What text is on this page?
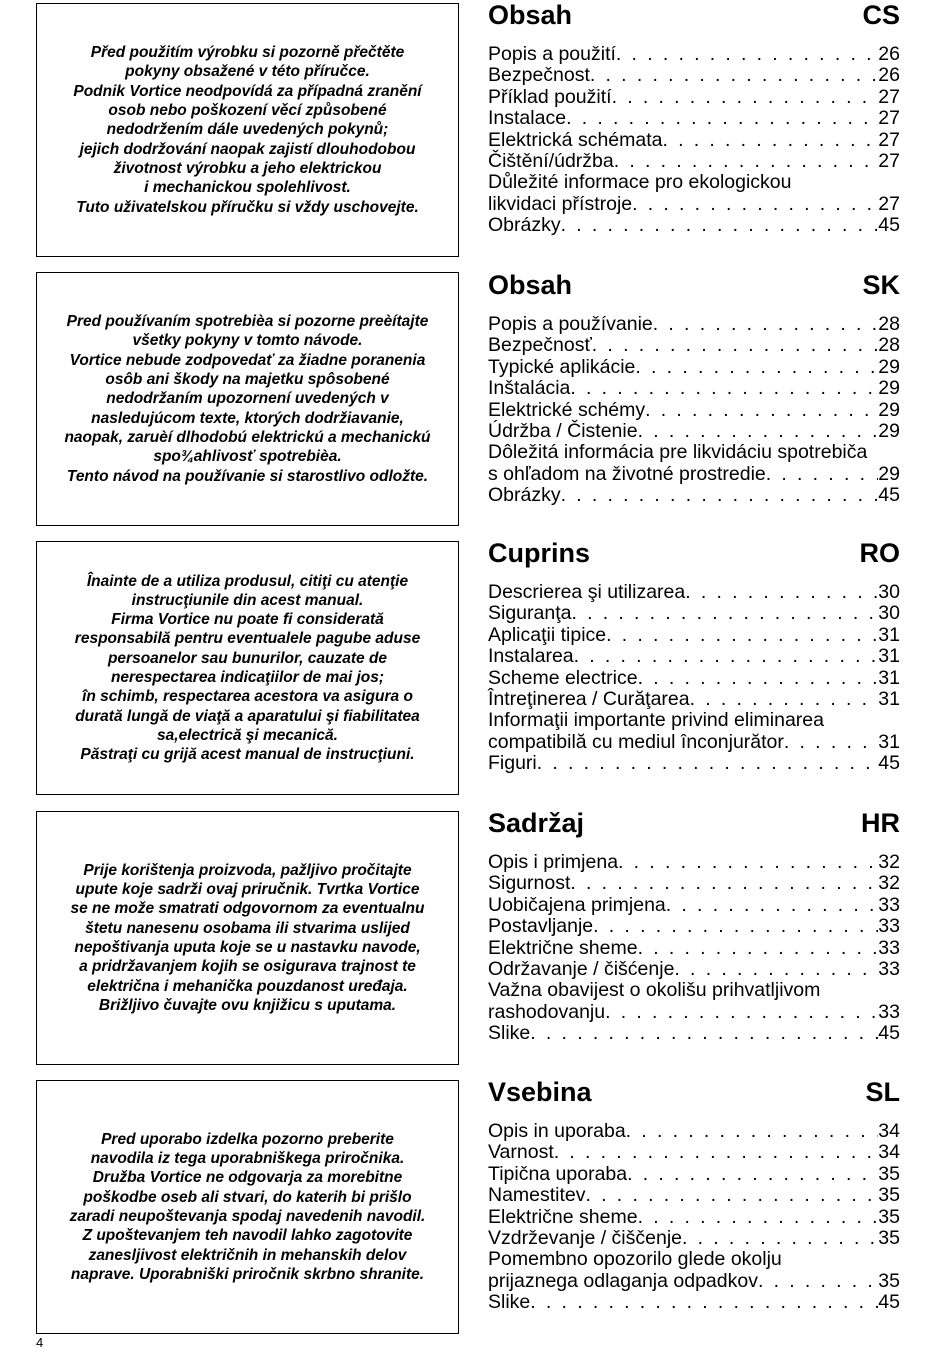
Před použitím výrobku si pozorně přečtěte
pokyny obsažené v této příručce.
Podnik Vortice neodpovídá za případná zranění
osob nebo poškození věcí způsobené
nedodržením dále uvedených pokynů;
jejich dodržování naopak zajistí dlouhodobou
životnost výrobku a jeho elektrickou
i mechanickou spolehlivost.
Tuto uživatelskou příručku si vždy uschovejte.

Pred používaním spotrebièa si pozorne preèítajte
všetky pokyny v tomto návode.
Vortice nebude zodpovedať za žiadne poranenia
osôb ani škody na majetku spôsobené
nedodržaním upozornení uvedených v
nasledujúcom texte, ktorých dodržiavanie,
naopak, zaruèí dlhodobú elektrickú a mechanickú
spo¾ahlivosť spotrebièa.
Tento návod na používanie si starostlivo odložte.

Înainte de a utiliza produsul, citiţi cu atenţie
instrucţiunile din acest manual.
Firma Vortice nu poate fi considerată
responsabilă pentru eventualele pagube aduse
persoanelor sau bunurilor, cauzate de
nerespectarea indicaţiilor de mai jos;
în schimb, respectarea acestora va asigura o
durată lungă de viaţă a aparatului şi fiabilitatea
sa,electrică şi mecanică.
Păstraţi cu grijă acest manual de instrucţiuni.

Prije korištenja proizvoda, pažljivo pročitajte
upute koje sadrži ovaj priručnik. Tvrtka Vortice
se ne može smatrati odgovornom za eventualnu
štetu nanesenu osobama ili stvarima uslijed
nepoštivanja uputa koje se u nastavku navode,
a pridržavanjem kojih se osigurava trajnost te
električna i mehanička pouzdanost uređaja.
Brižljivo čuvajte ovu knjižicu s uputama.

Pred uporabo izdelka pozorno preberite
navodila iz tega uporabniškega priročnika.
Družba Vortice ne odgovarja za morebitne
poškodbe oseb ali stvari, do katerih bi prišlo
zaradi neupoštevanja spodaj navedenih navodil.
Z upoštevanjem teh navodil lahko zagotovite
zanesljivost električnih in mehanskih delov
naprave. Uporabniški priročnik skrbno shranite.

Obsah	CS
Popis a použití . . .	26
Bezpečnost . . .	26
Příklad použití . . .	27
Instalace . . .	27
Elektrická schémata . . .	27
Čištění/údržba . . .	27
Důležité informace pro ekologickou
likvidaci přístroje . . .	27
Obrázky . . .	45
Obsah	SK
Popis a používanie . . .	28
Bezpečnosť . . .	28
Typické aplikácie . . .	29
Inštalácia . . .	29
Elektrické schémy . . .	29
Údržba / Čistenie . . .	29
Dôležitá informácia pre likvidáciu spotrebiča
s ohľadom na životné prostredie . . .	29
Obrázky . . .	45
Cuprins	RO
Descrierea şi utilizarea . . .	30
Siguranţa . . .	30
Aplicaţii tipice . . .	31
Instalarea . . .	31
Scheme electrice . . .	31
Întreţinerea / Curăţarea . . .	31
Informaţii importante privind eliminarea
compatibilă cu mediul înconjurător . . .	31
Figuri . . .	45
Sadržaj	HR
Opis i primjena . . .	32
Sigurnost . . .	32
Uobičajena primjena . . .	33
Postavljanje . . .	33
Električne sheme . . .	33
Održavanje / čišćenje . . .	33
Važna obavijest o okolišu prihvatljivom
rashodovanju . . .	33
Slike . . .	45
Vsebina	SL
Opis in uporaba . . .	34
Varnost . . .	34
Tipična uporaba . . .	35
Namestitev . . .	35
Električne sheme . . .	35
Vzdrževanje / čiščenje . . .	35
Pomembno opozorilo glede okolju
prijaznega odlaganja odpadkov . . .	35
Slike . . .	45
4
